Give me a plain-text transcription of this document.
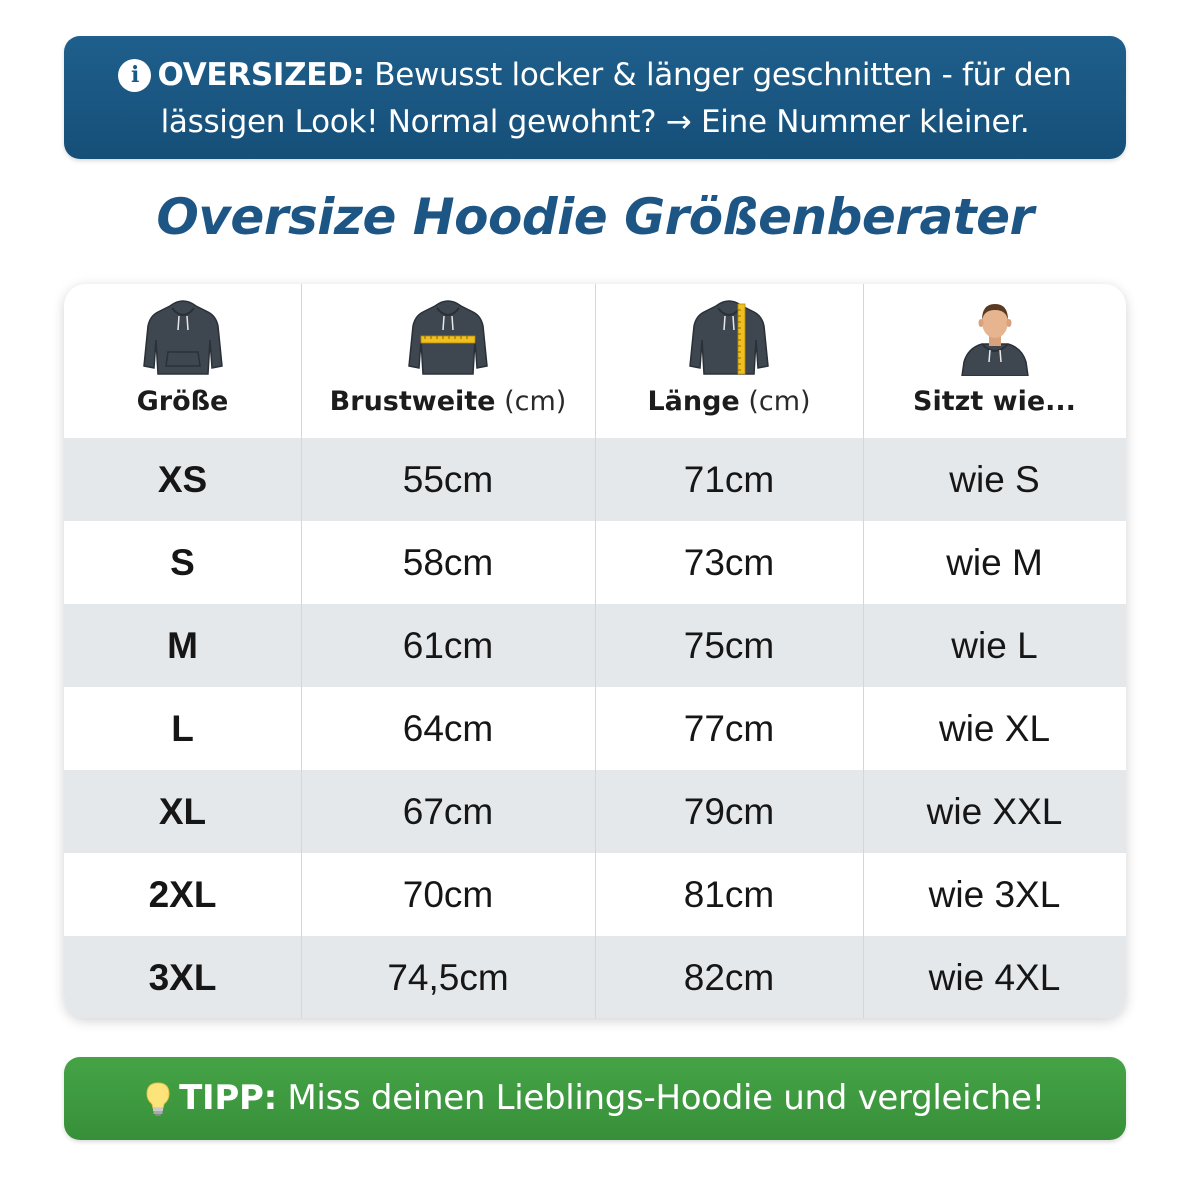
i OVERSIZED: Bewusst locker & länger geschnitten - für den
lässigen Look! Normal gewohnt? → Eine Nummer kleiner.
Oversize Hoodie Größenberater
XS	55cm	71cm	wie S
S	58cm	73cm	wie M
M	61cm	75cm	wie L
L	64cm	77cm	wie XL
XL	67cm	79cm	wie XXL
2XL	70cm	81cm	wie 3XL
3XL	74,5cm	82cm	wie 4XL
Größe	Brustweite (cm)	Länge (cm)	Sitzt wie...
TIPP: Miss deinen Lieblings-Hoodie und vergleiche!
